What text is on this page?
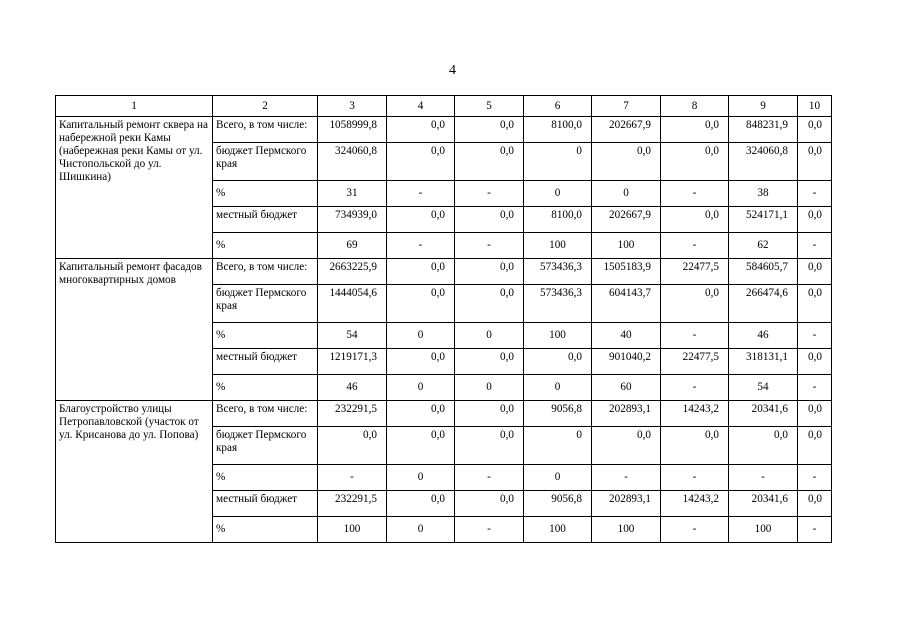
4
1	2	3	4	5	6	7	8	9	10
Капитальный ремонт сквера на набережной реки Камы (набережная реки Камы от ул. Чистопольской до ул. Шишкина)	Всего, в том числе:	1058999,8	0,0	0,0	8100,0	202667,9	0,0	848231,9	0,0
	бюджет Пермского края	324060,8	0,0	0,0	0	0,0	0,0	324060,8	0,0
	%	31	-	-	0	0	-	38	-
	местный бюджет	734939,0	0,0	0,0	8100,0	202667,9	0,0	524171,1	0,0
	%	69	-	-	100	100	-	62	-
Капитальный ремонт фасадов многоквартирных домов	Всего, в том числе:	2663225,9	0,0	0,0	573436,3	1505183,9	22477,5	584605,7	0,0
	бюджет Пермского края	1444054,6	0,0	0,0	573436,3	604143,7	0,0	266474,6	0,0
	%	54	0	0	100	40	-	46	-
	местный бюджет	1219171,3	0,0	0,0	0,0	901040,2	22477,5	318131,1	0,0
	%	46	0	0	0	60	-	54	-
Благоустройство улицы Петропавловской (участок от ул. Крисанова до ул. Попова)	Всего, в том числе:	232291,5	0,0	0,0	9056,8	202893,1	14243,2	20341,6	0,0
	бюджет Пермского края	0,0	0,0	0,0	0	0,0	0,0	0,0	0,0
	%	-	0	-	0	-	-	-	-
	местный бюджет	232291,5	0,0	0,0	9056,8	202893,1	14243,2	20341,6	0,0
	%	100	0	-	100	100	-	100	-
